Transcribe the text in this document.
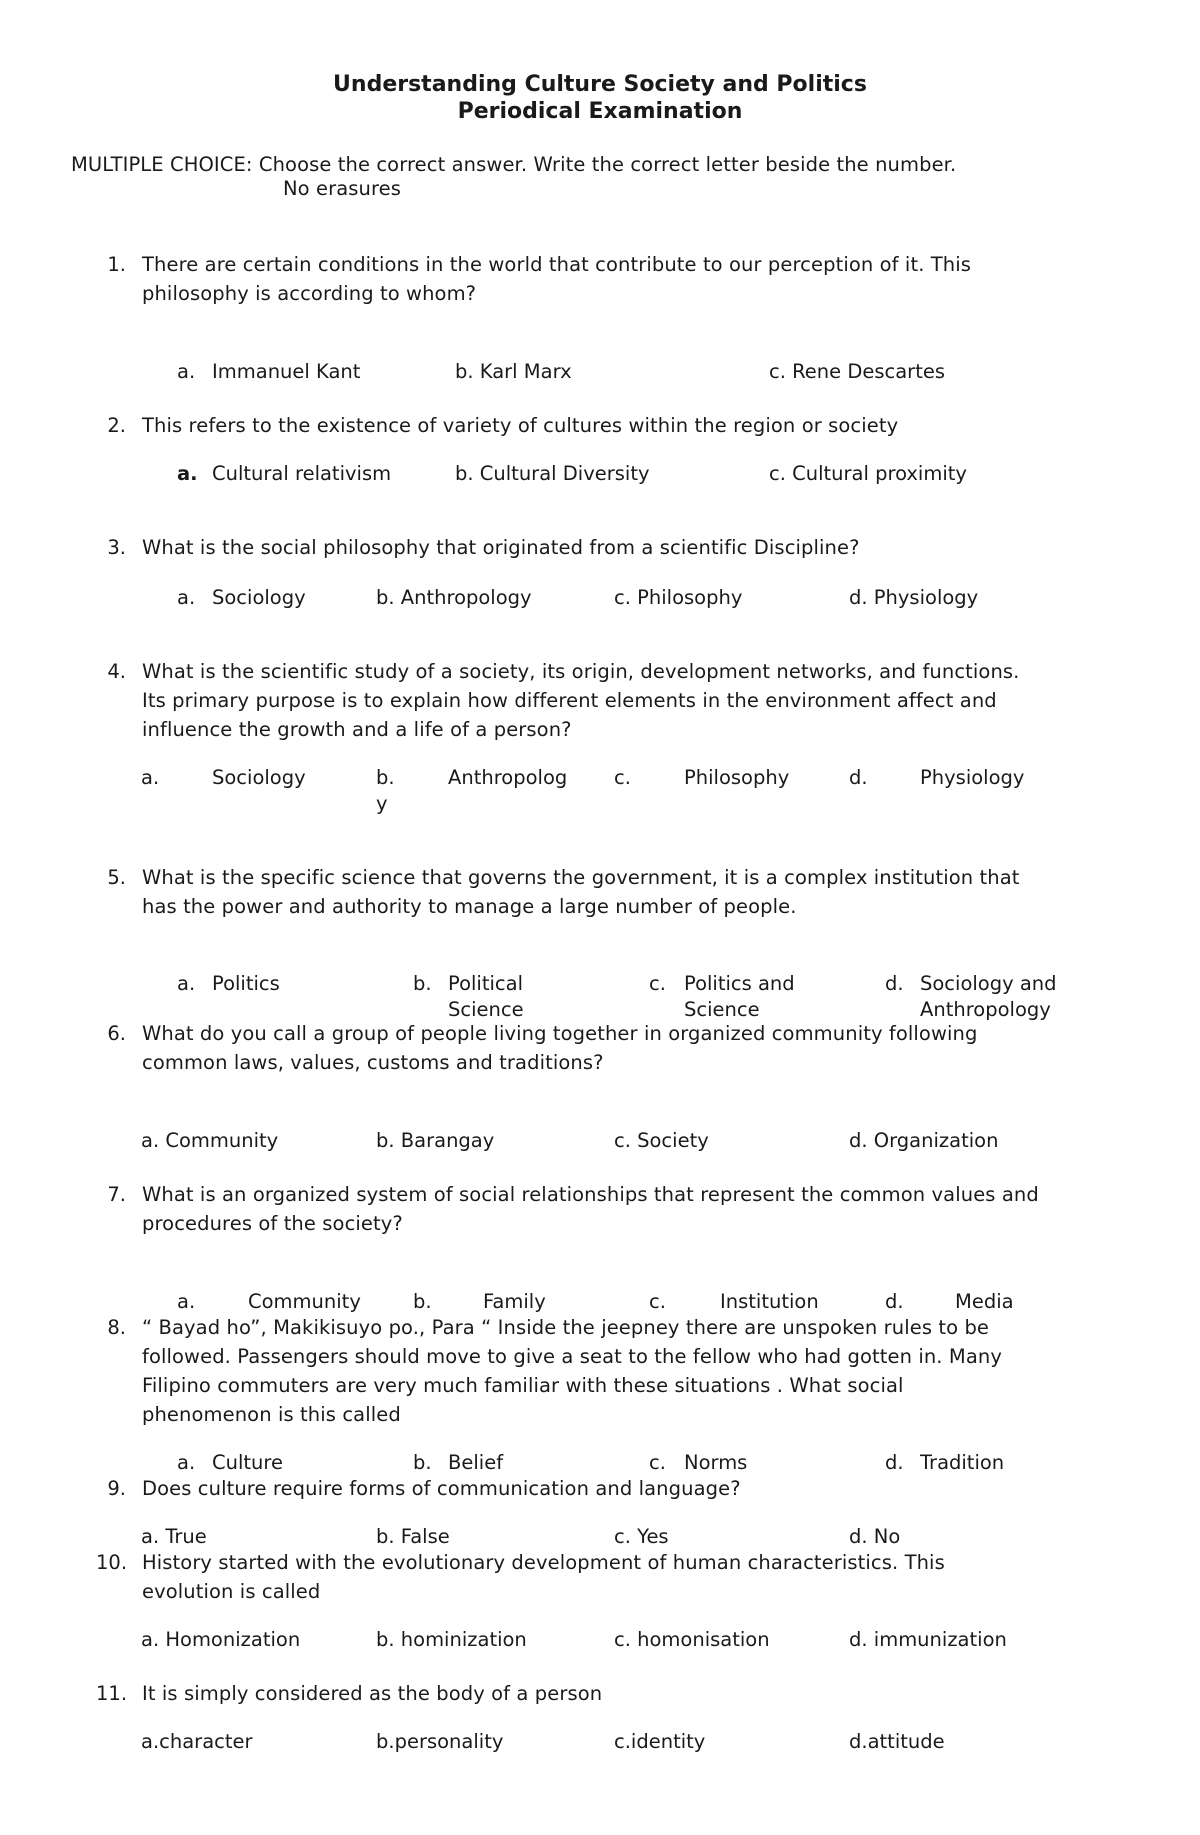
Understanding Culture Society and Politics
Periodical Examination
MULTIPLE CHOICE: Choose the correct answer. Write the correct letter beside the number.
No erasures
1. There are certain conditions in the world that contribute to our perception of it. This
philosophy is according to whom?
a. Immanuel Kant	b. Karl Marx	c. Rene Descartes
2. This refers to the existence of variety of cultures within the region or society
a. Cultural relativism	b. Cultural Diversity	c. Cultural proximity
3. What is the social philosophy that originated from a scientific Discipline?
a. Sociology	b. Anthropology	c. Philosophy	d. Physiology
4. What is the scientific study of a society, its origin, development networks, and functions.
Its primary purpose is to explain how different elements in the environment affect and
influence the growth and a life of a person?
a.	Sociology	b.	Anthropolog
y
c.	Philosophy	d.	Physiology
5. What is the specific science that governs the government, it is a complex institution that
has the power and authority to manage a large number of people.
a. Politics	b. Political
Science
c. Politics and
Science
d. Sociology and
Anthropology
6. What do you call a group of people living together in organized community following
common laws, values, customs and traditions?
a. Community	b. Barangay	c. Society	d. Organization
7. What is an organized system of social relationships that represent the common values and
procedures of the society?
a.	Community	b.	Family	c.	Institution	d.	Media
8. “ Bayad ho”, Makikisuyo po., Para “ Inside the jeepney there are unspoken rules to be
followed. Passengers should move to give a seat to the fellow who had gotten in. Many
Filipino commuters are very much familiar with these situations . What social
phenomenon is this called
a. Culture	b. Belief	c. Norms	d. Tradition
9. Does culture require forms of communication and language?
a. True	b. False	c. Yes	d. No
10. History started with the evolutionary development of human characteristics. This
evolution is called
a. Homonization	b. hominization	c. homonisation	d. immunization
11. It is simply considered as the body of a person
a.character	b.personality	c.identity	d.attitude
